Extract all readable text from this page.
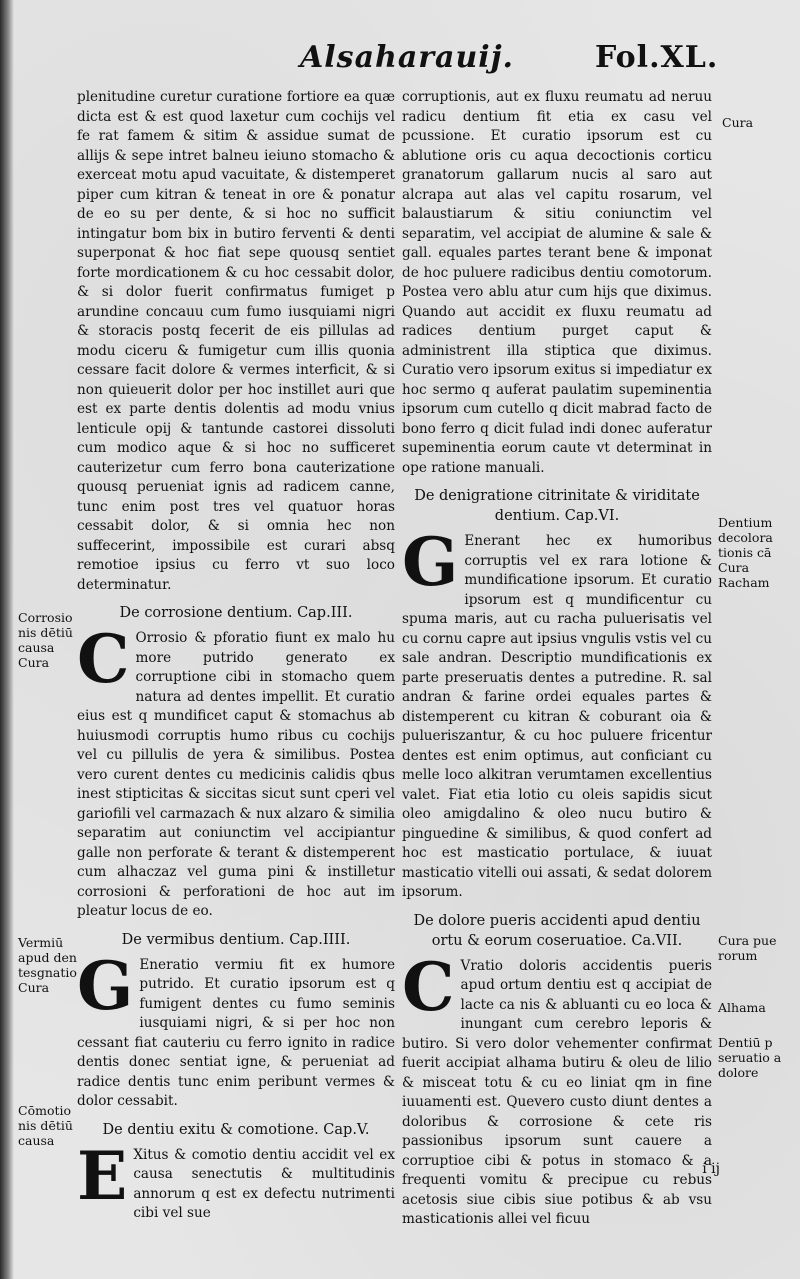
Alsaharauij.	Fol.XL.

plenitudine curetur curatione fortiore ea quæ dicta est & est quod laxetur cum cochijs vel fe rat famem & sitim & assidue sumat de allijs & sepe intret balneu ieiuno stomacho & exerceat motu apud vacuitate, & distemperet piper cum kitran & teneat in ore & ponatur de eo su per dente, & si hoc no sufficit intingatur bom bix in butiro ferventi & denti superponat & hoc fiat sepe quousq sentiet forte mordicationem & cu hoc cessabit dolor, & si dolor fuerit confirmatus fumiget p arundine concauu cum fumo iusquiami nigri & storacis postq fecerit de eis pillulas ad modu ciceru & fumigetur cum illis quonia cessare facit dolore & vermes interficit, & si non quieuerit dolor per hoc instillet auri que est ex parte dentis dolentis ad modu vnius lenticule opij & tantunde castorei dissoluti cum modico aque & si hoc no sufficeret cauterizetur cum ferro bona cauterizatione quousq perueniat ignis ad radicem canne, tunc enim post tres vel quatuor horas cessabit dolor, & si omnia hec non suffecerint, impossibile est curari absq remotioe ipsius cu ferro vt suo loco determinatur.

De corrosione dentium. Cap.III.

C Orrosio & pforatio fiunt ex malo hu more putrido generato ex corruptione cibi in stomacho quem natura ad dentes impellit. Et curatio eius est q mundificet caput & stomachus ab huiusmodi corruptis humo ribus cu cochijs vel cu pillulis de yera & similibus. Postea vero curent dentes cu medicinis calidis qbus inest stipticitas & siccitas sicut sunt cperi vel gariofili vel carmazach & nux alzaro & similia separatim aut coniunctim vel accipiantur galle non perforate & terant & distemperent cum alhaczaz vel guma pini & instilletur corrosioni & perforationi de hoc aut im pleatur locus de eo.

De vermibus dentium. Cap.IIII.

G Eneratio vermiu fit ex humore putrido. Et curatio ipsorum est q fumigent dentes cu fumo seminis iusquiami nigri, & si per hoc non cessant fiat cauteriu cu ferro ignito in radice dentis donec sentiat igne, & perueniat ad radice dentis tunc enim peribunt vermes & dolor cessabit.

De dentiu exitu & comotione. Cap.V.

E Xitus & comotio dentiu accidit vel ex causa senectutis & multitudinis annorum q est ex defectu nutrimenti cibi vel sue

corruptionis, aut ex fluxu reumatu ad neruu radicu dentium fit etia ex casu vel pcussione. Et curatio ipsorum est cu ablutione oris cu aqua decoctionis corticu granatorum gallarum nucis al saro aut alcrapa aut alas vel capitu rosarum, vel balaustiarum & sitiu coniunctim vel separatim, vel accipiat de alumine & sale & gall. equales partes terant bene & imponat de hoc puluere radicibus dentiu comotorum. Postea vero ablu atur cum hijs que diximus. Quando aut accidit ex fluxu reumatu ad radices dentium purget caput & administrent illa stiptica que diximus. Curatio vero ipsorum exitus si impediatur ex hoc sermo q auferat paulatim supeminentia ipsorum cum cutello q dicit mabrad facto de bono ferro q dicit fulad indi donec auferatur supeminentia eorum caute vt determinat in ope ratione manuali.

De denigratione citrinitate & viriditate dentium. Cap.VI.

G Enerant hec ex humoribus corruptis vel ex rara lotione & mundificatione ipsorum. Et curatio ipsorum est q mundificentur cu spuma maris, aut cu racha puluerisatis vel cu cornu capre aut ipsius vngulis vstis vel cu sale andran. Descriptio mundificationis ex parte preseruatis dentes a putredine. R. sal andran & farine ordei equales partes & distemperent cu kitran & coburant oia & pulueriszantur, & cu hoc puluere fricentur dentes est enim optimus, aut conficiant cu melle loco alkitran verumtamen excellentius valet. Fiat etia lotio cu oleis sapidis sicut oleo amigdalino & oleo nucu butiro & pinguedine & similibus, & quod confert ad hoc est masticatio portulace, & iuuat masticatio vitelli oui assati, & sedat dolorem ipsorum.

De dolore pueris accidenti apud dentiu ortu & eorum coseruatioe. Ca.VII.

C Vratio doloris accidentis pueris apud ortum dentiu est q accipiat de lacte ca nis & abluanti cu eo loca & inungant cum cerebro leporis & butiro. Si vero dolor vehementer confirmat fuerit accipiat alhama butiru & oleu de lilio & misceat totu & cu eo liniat qm in fine iuuamenti est. Quevero custo diunt dentes a doloribus & corrosione & cete ris passionibus ipsorum sunt cauere a corruptioe cibi & potus in stomaco & a frequenti vomitu & precipue cu rebus acetosis siue cibis siue potibus & ab vsu masticationis allei vel ficuu

Corrosio
nis dētiū
causa
Cura
Vermiū
apud den
tesgnatio
Cura
Cōmotio
nis dētiū
causa
Cura
Dentium
decolora
tionis cā
Cura
Racham
Cura pue
rorum
Alhama
Dentiū p
seruatio a
dolore
i ij
